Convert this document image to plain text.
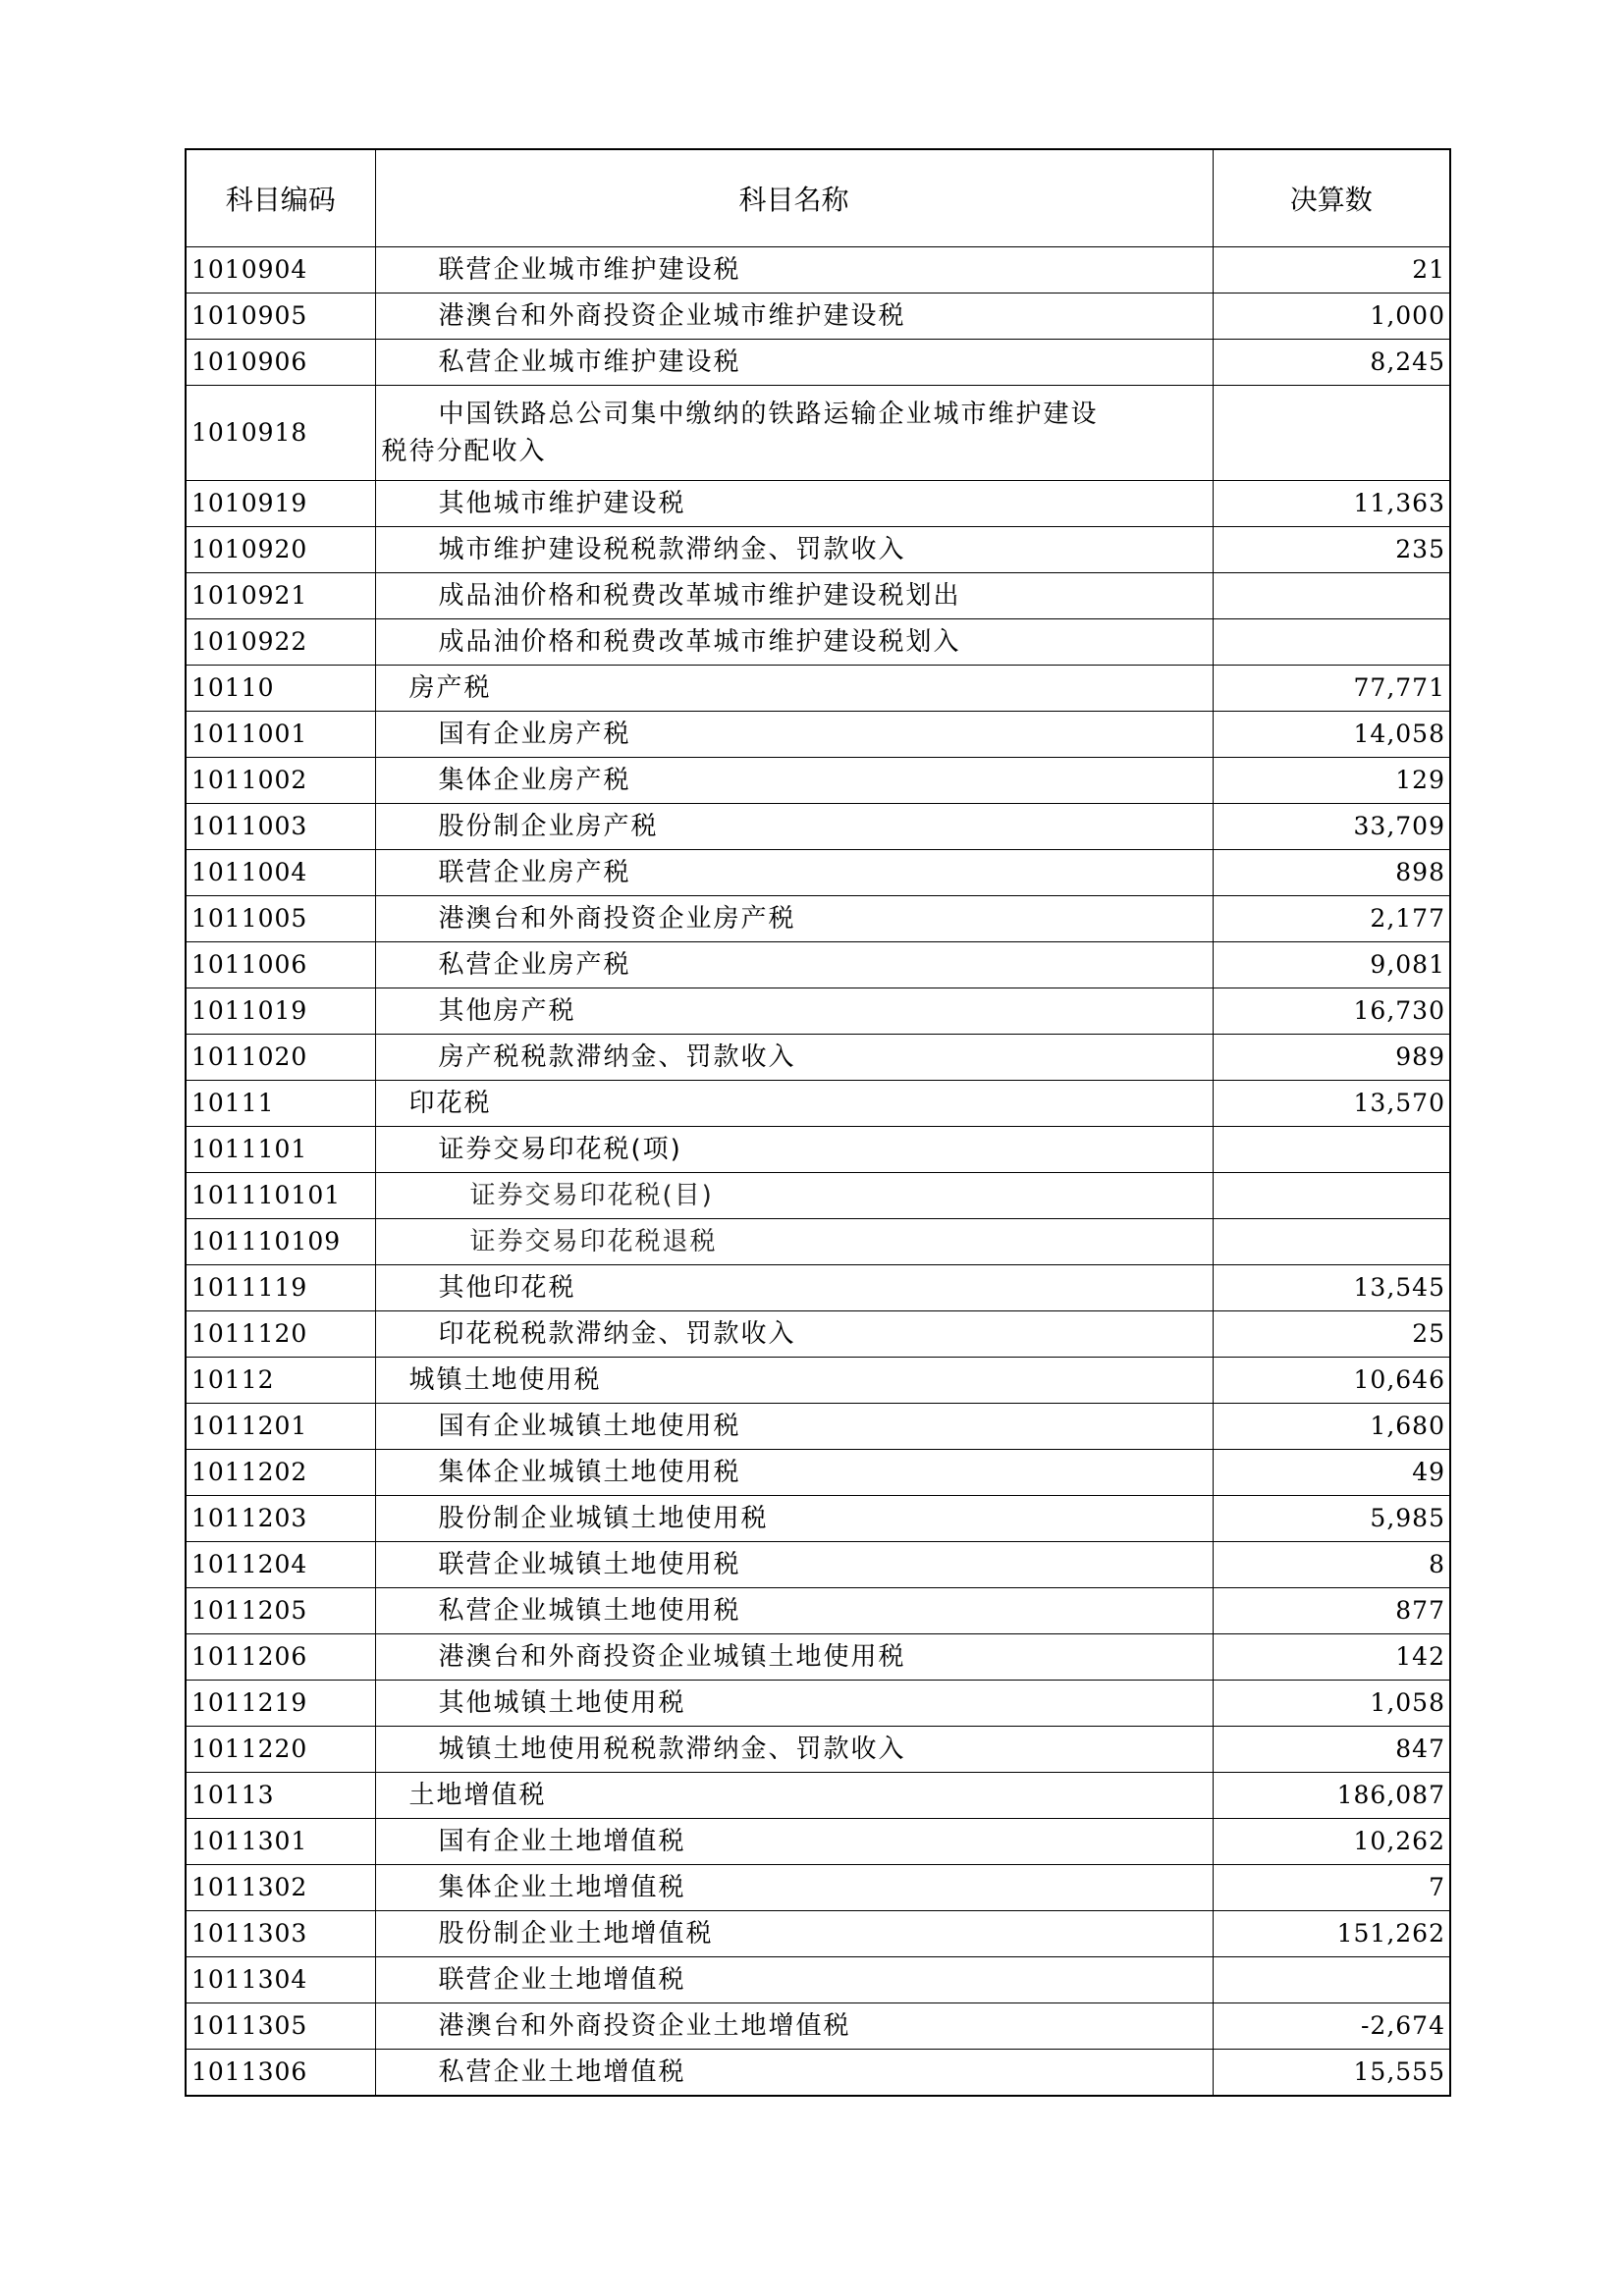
科目编码	科目名称	决算数
1010904	联营企业城市维护建设税	21
1010905	港澳台和外商投资企业城市维护建设税	1,000
1010906	私营企业城市维护建设税	8,245
1010918	中国铁路总公司集中缴纳的铁路运输企业城市维护建设
税待分配收入	

1010919	其他城市维护建设税	11,363
1010920	城市维护建设税税款滞纳金、罚款收入	235
1010921	成品油价格和税费改革城市维护建设税划出	
1010922	成品油价格和税费改革城市维护建设税划入	
10110	房产税	77,771
1011001	国有企业房产税	14,058
1011002	集体企业房产税	129
1011003	股份制企业房产税	33,709
1011004	联营企业房产税	898
1011005	港澳台和外商投资企业房产税	2,177
1011006	私营企业房产税	9,081
1011019	其他房产税	16,730
1011020	房产税税款滞纳金、罚款收入	989
10111	印花税	13,570
1011101	证券交易印花税(项)	
101110101	证券交易印花税(目)	
101110109	证券交易印花税退税	
1011119	其他印花税	13,545
1011120	印花税税款滞纳金、罚款收入	25
10112	城镇土地使用税	10,646
1011201	国有企业城镇土地使用税	1,680
1011202	集体企业城镇土地使用税	49
1011203	股份制企业城镇土地使用税	5,985
1011204	联营企业城镇土地使用税	8
1011205	私营企业城镇土地使用税	877
1011206	港澳台和外商投资企业城镇土地使用税	142
1011219	其他城镇土地使用税	1,058
1011220	城镇土地使用税税款滞纳金、罚款收入	847
10113	土地增值税	186,087
1011301	国有企业土地增值税	10,262
1011302	集体企业土地增值税	7
1011303	股份制企业土地增值税	151,262
1011304	联营企业土地增值税	
1011305	港澳台和外商投资企业土地增值税	-2,674
1011306	私营企业土地增值税	15,555
